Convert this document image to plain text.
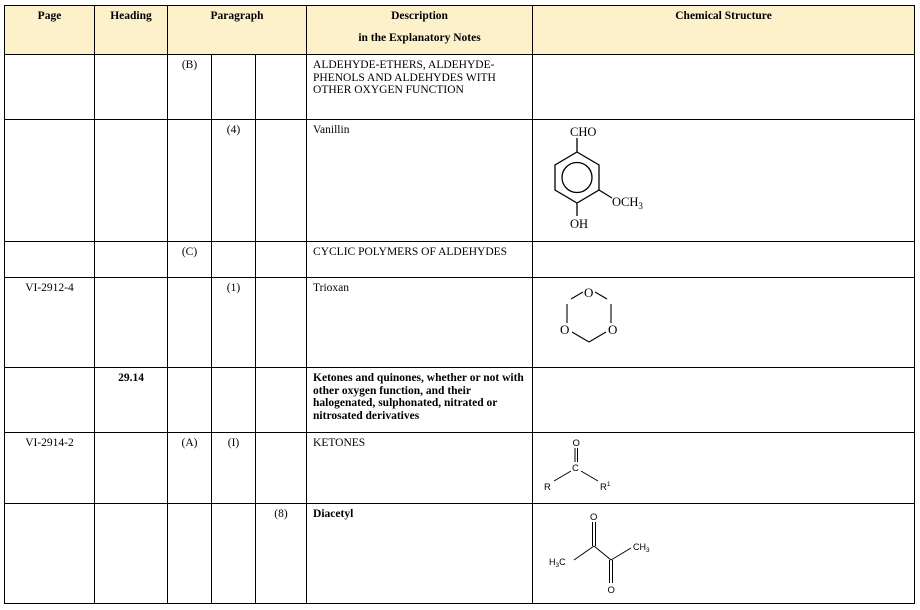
Page	Heading	Paragraph			Description
in the Explanatory Notes	Chemical Structure
		(B)			ALDEHYDE-ETHERS, ALDEHYDE-PHENOLS AND ALDEHYDES WITH OTHER OXYGEN FUNCTION	
			(4)		Vanillin	CHO
$OCH_3$
OH

		(C)			CYCLIC POLYMERS OF ALDEHYDES	
VI-2912-4			(1)		Trioxan	O
O O

	29.14				Ketones and quinones, whether or not with other oxygen function, and their halogenated, sulphonated, nitrated or nitrosated derivatives	
VI-2914-2		(A)	(I)		KETONES	O
C
R $R^1$

				(8)	Diacetyl	O
O
$H_3C$
$CH_3$
